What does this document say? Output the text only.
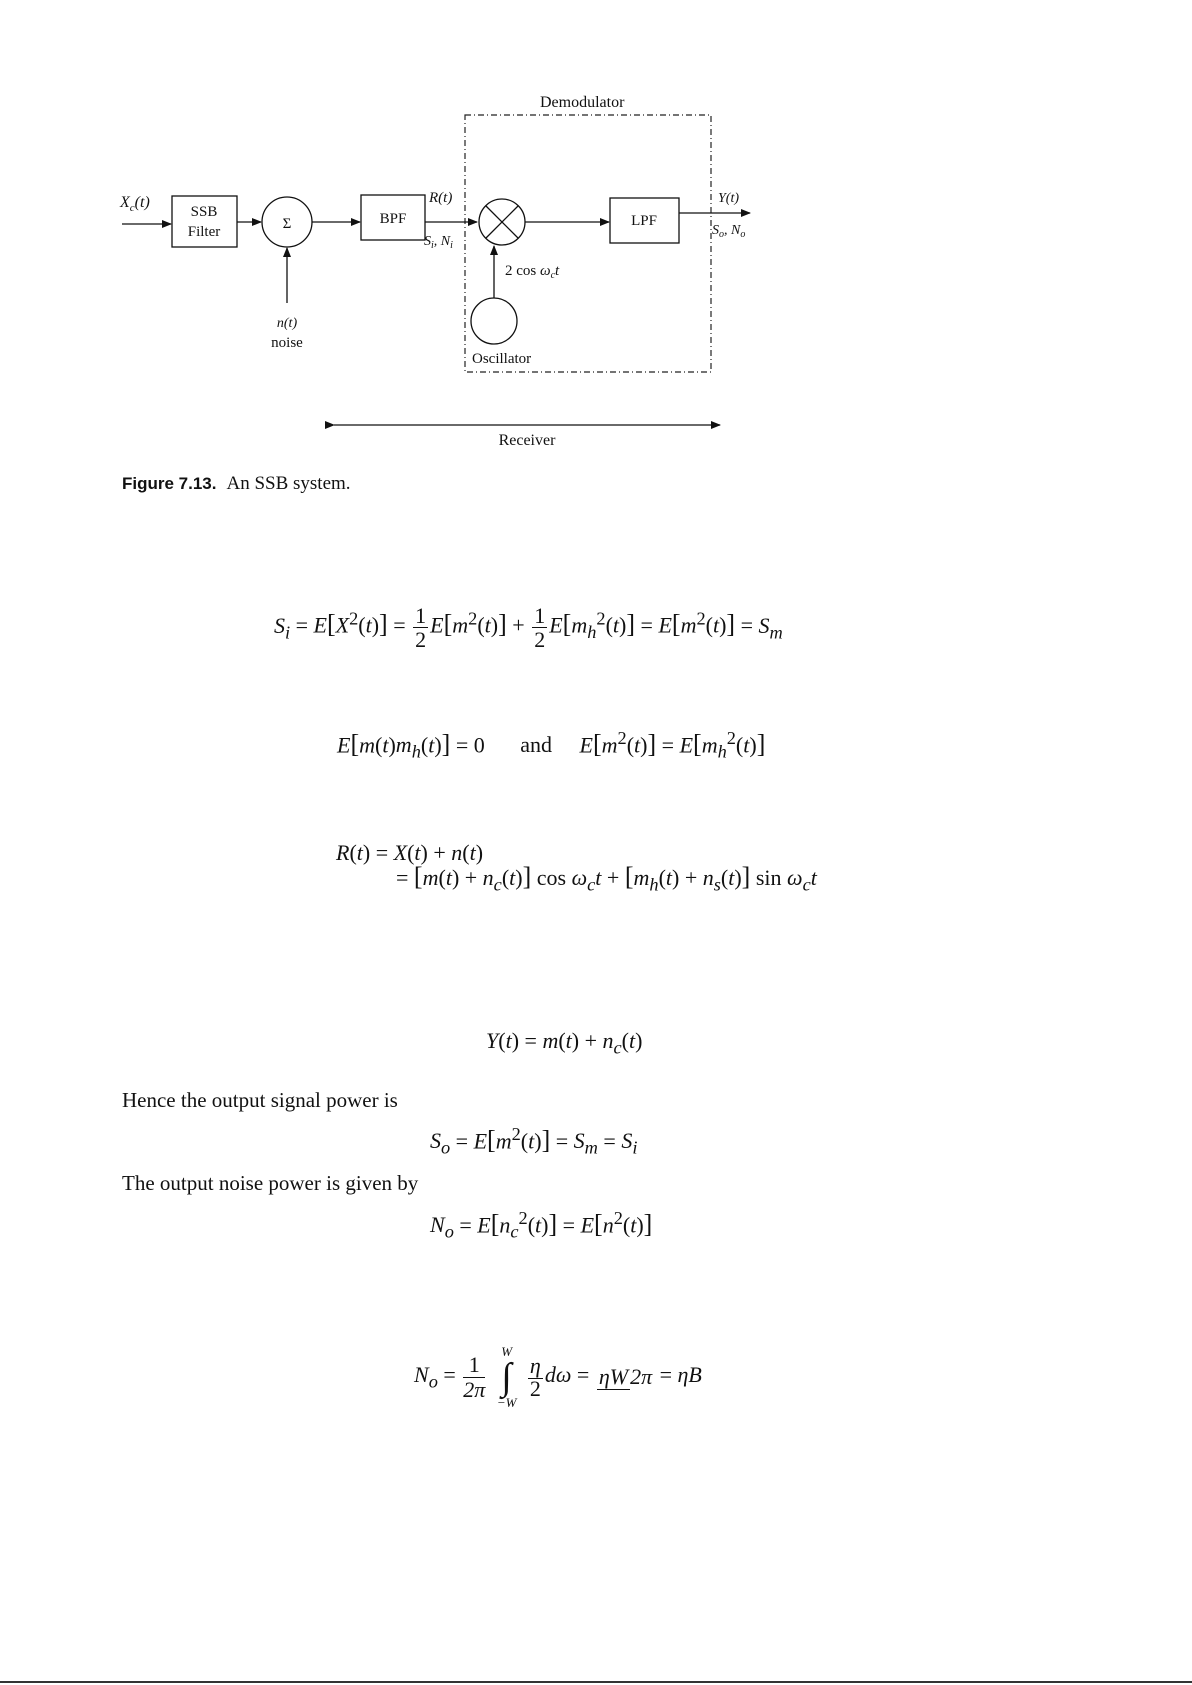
Demodulator
$X_c(t)$
SSB
Filter	Σ
n(t)
noise
BPF
R(t)
$S_i$, $N_i$
2 $\cos \omega_ct$
Oscillator
LPF
Y(t)
$S_o$, $N_o$
Receiver
Figure 7.13. An SSB system.
$S_i = E[X^2(t)] = \frac{1}{2} E[m^2(t)] + \frac{1}{2} E[m_h^2(t)] = E[m^2(t)] = S_m$
$E[m(t)m_h(t)] = 0$ and $E[m^2(t)] = E[m_h^2(t)]$
R(t) = X(t) + n(t)
= $[m(t) + n_c(t)]$ $\cos \omega_ct + [m_h(t) + n_s(t)]$ $\sin \omega_ct$
$Y(t) = m(t) + n_c(t)$
Hence the output signal power is
$S_o = E[m^2(t)] = S_m = S_i$
The output noise power is given by
$N_o = E[n_c^2(t)] = E[n^2(t)]$
$N_o = \frac{1}{2\pi}$
W
∫
−W
$\frac{\eta}{2}$ dω = ηW2π = ηB
